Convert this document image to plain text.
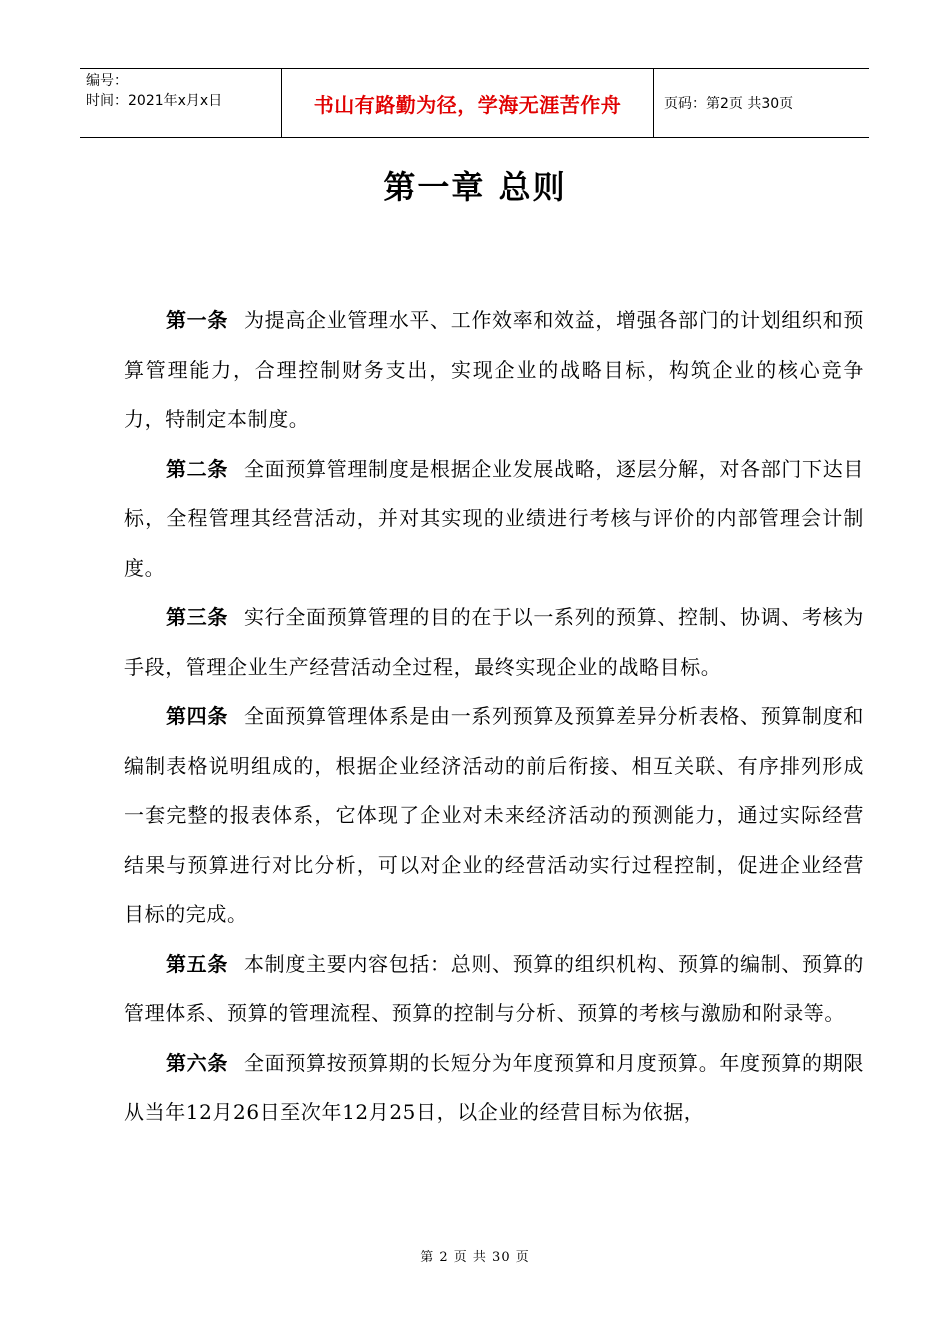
编号：
时间：2021年x月x日	书山有路勤为径，学海无涯苦作舟	页码：第2页 共30页
第一章 总则

第一条 为提高企业管理水平、工作效率和效益，增强各部门的计划组织和预算管理能力，合理控制财务支出，实现企业的战略目标，构筑企业的核心竞争力，特制定本制度。

第二条 全面预算管理制度是根据企业发展战略，逐层分解，对各部门下达目标，全程管理其经营活动，并对其实现的业绩进行考核与评价的内部管理会计制度。

第三条 实行全面预算管理的目的在于以一系列的预算、控制、协调、考核为手段，管理企业生产经营活动全过程，最终实现企业的战略目标。

第四条 全面预算管理体系是由一系列预算及预算差异分析表格、预算制度和编制表格说明组成的，根据企业经济活动的前后衔接、相互关联、有序排列形成一套完整的报表体系，它体现了企业对未来经济活动的预测能力，通过实际经营结果与预算进行对比分析，可以对企业的经营活动实行过程控制，促进企业经营目标的完成。

第五条 本制度主要内容包括：总则、预算的组织机构、预算的编制、预算的管理体系、预算的管理流程、预算的控制与分析、预算的考核与激励和附录等。

第六条 全面预算按预算期的长短分为年度预算和月度预算。年度预算的期限从当年12月26日至次年12月25日，以企业的经营目标为依据，

第 2 页 共 30 页
